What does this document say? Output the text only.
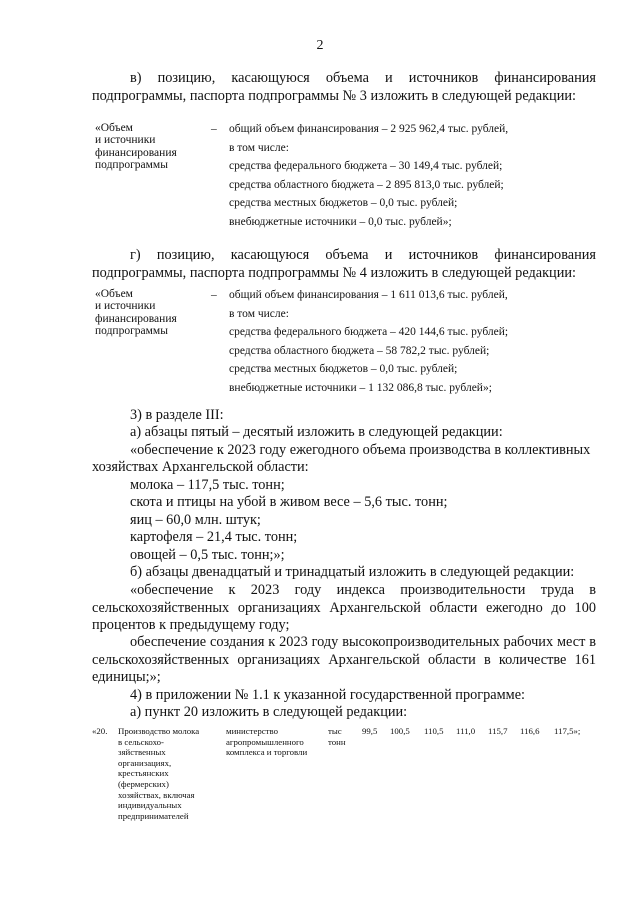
2
в) позицию, касающуюся объема и источников финансирования подпрограммы, паспорта подпрограммы № 3 изложить в следующей редакции:
«Объем
и источники
финансирования
подпрограммы
– общий объем финансирования – 2 925 962,4 тыс. рублей,
в том числе:
средства федерального бюджета – 30 149,4 тыс. рублей;
средства областного бюджета – 2 895 813,0 тыс. рублей;
средства местных бюджетов – 0,0 тыс. рублей;
внебюджетные источники – 0,0 тыс. рублей»;
г) позицию, касающуюся объема и источников финансирования подпрограммы, паспорта подпрограммы № 4 изложить в следующей редакции:
«Объем
и источники
финансирования
подпрограммы
– общий объем финансирования – 1 611 013,6 тыс. рублей,
в том числе:
средства федерального бюджета – 420 144,6 тыс. рублей;
средства областного бюджета – 58 782,2 тыс. рублей;
средства местных бюджетов – 0,0 тыс. рублей;
внебюджетные источники – 1 132 086,8 тыс. рублей»;
3) в разделе III:
а) абзацы пятый – десятый изложить в следующей редакции:
«обеспечение к 2023 году ежегодного объема производства в коллективных
хозяйствах Архангельской области:
молока – 117,5 тыс. тонн;
скота и птицы на убой в живом весе – 5,6 тыс. тонн;
яиц – 60,0 млн. штук;
картофеля – 21,4 тыс. тонн;
овощей – 0,5 тыс. тонн;»;
б) абзацы двенадцатый и тринадцатый изложить в следующей редакции:
«обеспечение к 2023 году индекса производительности труда в сельскохозяйственных организациях Архангельской области ежегодно до 100 процентов к предыдущему году;
обеспечение создания к 2023 году высокопроизводительных рабочих мест в сельскохозяйственных организациях Архангельской области в количестве 161 единицы;»;
4) в приложении № 1.1 к указанной государственной программе:
а) пункт 20 изложить в следующей редакции:
«20. Производство молока
в сельскохо-
зяйственных
организациях,
крестьянских
(фермерских)
хозяйствах, включая
индивидуальных
предпринимателей
министерство
агропромышленного
комплекса и торговли
тыс
тонн
99,5 100,5 110,5 111,0 115,7 116,6 117,5»;
